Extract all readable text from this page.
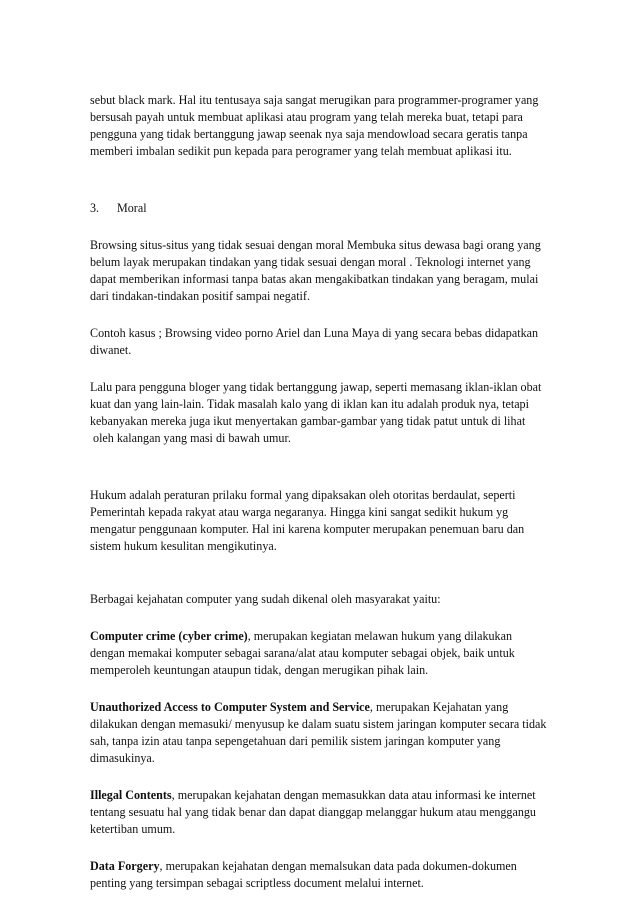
sebut black mark. Hal itu tentusaya saja sangat merugikan para programmer-programer yang
bersusah payah untuk membuat aplikasi atau program yang telah mereka buat, tetapi para
pengguna yang tidak bertanggung jawap seenak nya saja mendowload secara geratis tanpa
memberi imbalan sedikit pun kepada para perogramer yang telah membuat aplikasi itu.

3. Moral

Browsing situs-situs yang tidak sesuai dengan moral Membuka situs dewasa bagi orang yang
belum layak merupakan tindakan yang tidak sesuai dengan moral . Teknologi internet yang
dapat memberikan informasi tanpa batas akan mengakibatkan tindakan yang beragam, mulai
dari tindakan-tindakan positif sampai negatif.

Contoh kasus ; Browsing video porno Ariel dan Luna Maya di yang secara bebas didapatkan
diwanet.

Lalu para pengguna bloger yang tidak bertanggung jawap, seperti memasang iklan-iklan obat
kuat dan yang lain-lain. Tidak masalah kalo yang di iklan kan itu adalah produk nya, tetapi
kebanyakan mereka juga ikut menyertakan gambar-gambar yang tidak patut untuk di lihat
oleh kalangan yang masi di bawah umur.

Hukum adalah peraturan prilaku formal yang dipaksakan oleh otoritas berdaulat, seperti
Pemerintah kepada rakyat atau warga negaranya. Hingga kini sangat sedikit hukum yg
mengatur penggunaan komputer. Hal ini karena komputer merupakan penemuan baru dan
sistem hukum kesulitan mengikutinya.

Berbagai kejahatan computer yang sudah dikenal oleh masyarakat yaitu:

Computer crime (cyber crime), merupakan kegiatan melawan hukum yang dilakukan
dengan memakai komputer sebagai sarana/alat atau komputer sebagai objek, baik untuk
memperoleh keuntungan ataupun tidak, dengan merugikan pihak lain.

Unauthorized Access to Computer System and Service, merupakan Kejahatan yang
dilakukan dengan memasuki/ menyusup ke dalam suatu sistem jaringan komputer secara tidak
sah, tanpa izin atau tanpa sepengetahuan dari pemilik sistem jaringan komputer yang
dimasukinya.

Illegal Contents, merupakan kejahatan dengan memasukkan data atau informasi ke internet
tentang sesuatu hal yang tidak benar dan dapat dianggap melanggar hukum atau menggangu
ketertiban umum.

Data Forgery, merupakan kejahatan dengan memalsukan data pada dokumen-dokumen
penting yang tersimpan sebagai scriptless document melalui internet.
